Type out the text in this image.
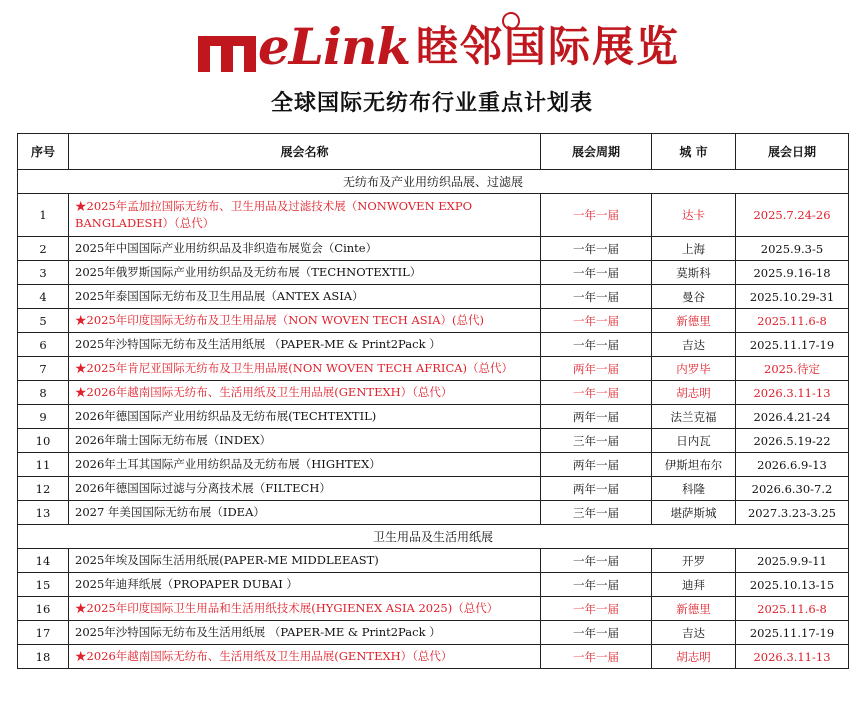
eLink 睦邻国际展览
全球国际无纺布行业重点计划表
序号	展会名称	展会周期	城 市	展会日期
无纺布及产业用纺织品展、过滤展				
1	★2025年孟加拉国际无纺布、卫生用品及过滤技术展（NONWOVEN EXPO BANGLADESH）（总代）	一年一届	达卡	2025.7.24-26
2	2025年中国国际产业用纺织品及非织造布展览会（Cinte）	一年一届	上海	2025.9.3-5
3	2025年俄罗斯国际产业用纺织品及无纺布展（TECHNOTEXTIL）	一年一届	莫斯科	2025.9.16-18
4	2025年泰国国际无纺布及卫生用品展（ANTEX ASIA）	一年一届	曼谷	2025.10.29-31
5	★2025年印度国际无纺布及卫生用品展（NON WOVEN TECH ASIA）(总代)	一年一届	新德里	2025.11.6-8
6	2025年沙特国际无纺布及生活用纸展 （PAPER-ME & Print2Pack ）	一年一届	吉达	2025.11.17-19
7	★2025年肯尼亚国际无纺布及卫生用品展(NON WOVEN TECH AFRICA)（总代）	两年一届	内罗毕	2025.待定
8	★2026年越南国际无纺布、生活用纸及卫生用品展(GENTEXH）（总代）	一年一届	胡志明	2026.3.11-13
9	2026年德国国际产业用纺织品及无纺布展(TECHTEXTIL)	两年一届	法兰克福	2026.4.21-24
10	2026年瑞士国际无纺布展（INDEX）	三年一届	日内瓦	2026.5.19-22
11	2026年土耳其国际产业用纺织品及无纺布展（HIGHTEX）	两年一届	伊斯坦布尔	2026.6.9-13
12	2026年德国国际过滤与分离技术展（FILTECH）	两年一届	科隆	2026.6.30-7.2
13	2027 年美国国际无纺布展（IDEA）	三年一届	堪萨斯城	2027.3.23-3.25
卫生用品及生活用纸展				
14	2025年埃及国际生活用纸展(PAPER-ME MIDDLEEAST)	一年一届	开罗	2025.9.9-11
15	2025年迪拜纸展（PROPAPER DUBAI ）	一年一届	迪拜	2025.10.13-15
16	★2025年印度国际卫生用品和生活用纸技术展(HYGIENEX ASIA 2025)（总代）	一年一届	新德里	2025.11.6-8
17	2025年沙特国际无纺布及生活用纸展 （PAPER-ME & Print2Pack ）	一年一届	吉达	2025.11.17-19
18	★2026年越南国际无纺布、生活用纸及卫生用品展(GENTEXH）（总代）	一年一届	胡志明	2026.3.11-13
